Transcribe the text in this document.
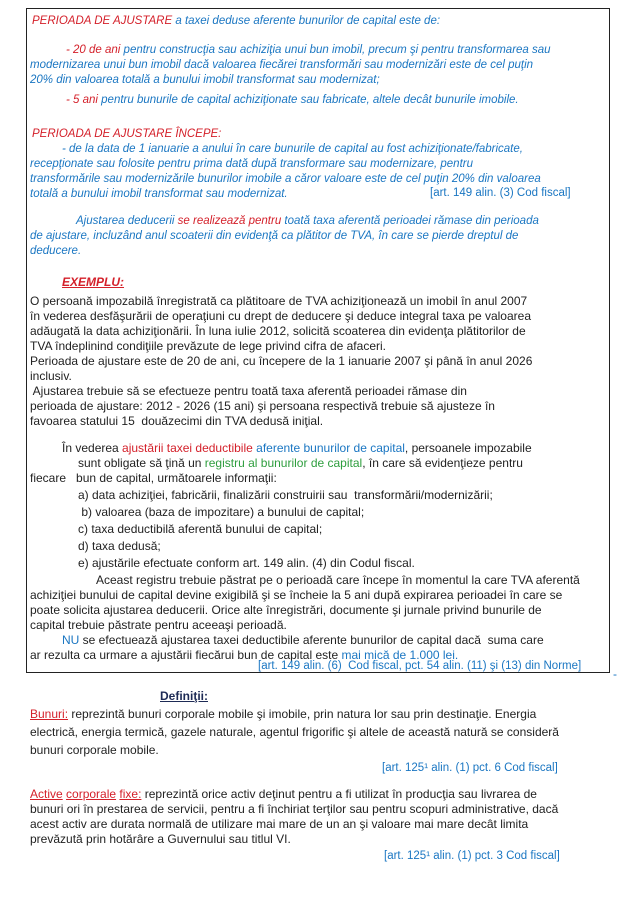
PERIOADA DE AJUSTARE a taxei deduse aferente bunurilor de capital este de:
- 20 de ani pentru construcţia sau achiziţia unui bun imobil, precum şi pentru transformarea sau
modernizarea unui bun imobil dacă valoarea fiecărei transformări sau modernizări este de cel puţin
20% din valoarea totală a bunului imobil transformat sau modernizat;
- 5 ani pentru bunurile de capital achiziţionate sau fabricate, altele decât bunurile imobile.
PERIOADA DE AJUSTARE ÎNCEPE:
- de la data de 1 ianuarie a anului în care bunurile de capital au fost achiziţionate/fabricate,
recepţionate sau folosite pentru prima dată după transformare sau modernizare, pentru
transformările sau modernizările bunurilor imobile a căror valoare este de cel puţin 20% din valoarea
totală a bunului imobil transformat sau modernizat.	[art. 149 alin. (3) Cod fiscal]
Ajustarea deducerii se realizează pentru toată taxa aferentă perioadei rămase din perioada
de ajustare, incluzând anul scoaterii din evidenţă ca plătitor de TVA, în care se pierde dreptul de
deducere.
EXEMPLU:
O persoană impozabilă înregistrată ca plătitoare de TVA achiziţionează un imobil în anul 2007
în vederea desfăşurării de operaţiuni cu drept de deducere şi deduce integral taxa pe valoarea
adăugată la data achiziţionării. În luna iulie 2012, solicită scoaterea din evidenţa plătitorilor de
TVA îndeplinind condiţiile prevăzute de lege privind cifra de afaceri.
Perioada de ajustare este de 20 de ani, cu începere de la 1 ianuarie 2007 şi până în anul 2026
inclusiv.
Ajustarea trebuie să se efectueze pentru toată taxa aferentă perioadei rămase din
perioada de ajustare: 2012 - 2026 (15 ani) şi persoana respectivă trebuie să ajusteze în
favoarea statului 15  douăzecimi din TVA dedusă iniţial.
În vederea ajustării taxei deductibile aferente bunurilor de capital, persoanele impozabile
sunt obligate să ţină un registru al bunurilor de capital, în care să evidenţieze pentru
fiecare   bun de capital, următoarele informaţii:
a) data achiziţiei, fabricării, finalizării construirii sau  transformării/modernizării;
b) valoarea (baza de impozitare) a bunului de capital;
c) taxa deductibilă aferentă bunului de capital;
d) taxa dedusă;
e) ajustările efectuate conform art. 149 alin. (4) din Codul fiscal.
Aceast registru trebuie păstrat pe o perioadă care începe în momentul la care TVA aferentă
achiziţiei bunului de capital devine exigibilă şi se încheie la 5 ani după expirarea perioadei în care se
poate solicita ajustarea deducerii. Orice alte înregistrări, documente şi jurnale privind bunurile de
capital trebuie păstrate pentru aceeaşi perioadă.
NU se efectuează ajustarea taxei deductibile aferente bunurilor de capital dacă  suma care
ar rezulta ca urmare a ajustării fiecărui bun de capital este mai mică de 1.000 lei.
[art. 149 alin. (6)  Cod fiscal, pct. 54 alin. (11) şi (13) din Norme]
-
Definiţii:
Bunuri: reprezintă bunuri corporale mobile şi imobile, prin natura lor sau prin destinaţie. Energia
electrică, energia termică, gazele naturale, agentul frigorific şi altele de această natură se consideră
bunuri corporale mobile.
[art. 125¹ alin. (1) pct. 6 Cod fiscal]
Active corporale fixe: reprezintă orice activ deţinut pentru a fi utilizat în producţia sau livrarea de
bunuri ori în prestarea de servicii, pentru a fi închiriat terţilor sau pentru scopuri administrative, dacă
acest activ are durata normală de utilizare mai mare de un an şi valoare mai mare decât limita
prevăzută prin hotărâre a Guvernului sau titlul VI.
[art. 125¹ alin. (1) pct. 3 Cod fiscal]
